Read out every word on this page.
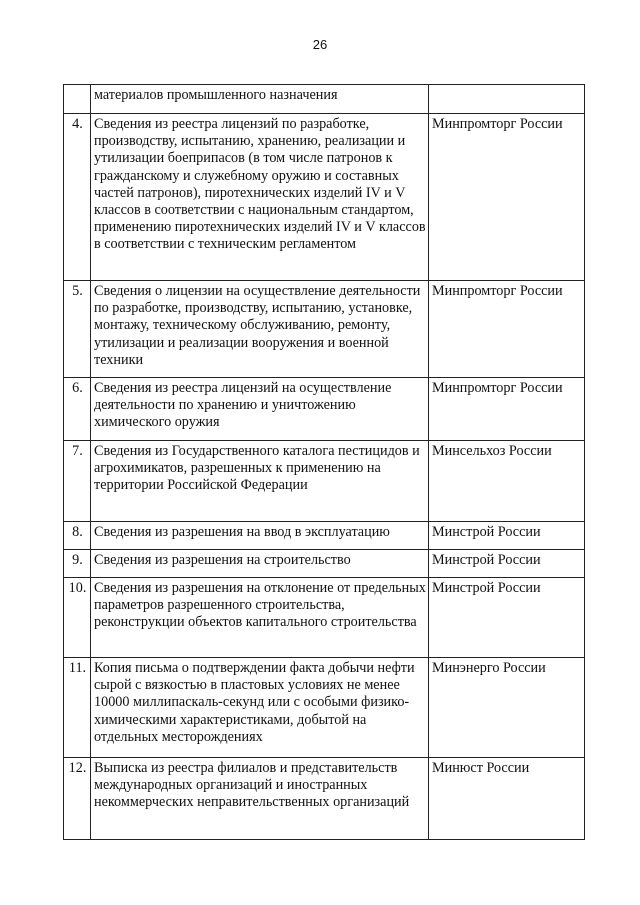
26
	материалов промышленного назначения	
4.	Сведения из реестра лицензий по разработке, производству, испытанию, хранению, реализации и утилизации боеприпасов (в том числе патронов к гражданскому и служебному оружию и составных частей патронов), пиротехнических изделий IV и V классов в соответствии с национальным стандартом, применению пиротехнических изделий IV и V классов в соответствии с техническим регламентом	Минпромторг России
5.	Сведения о лицензии на осуществление деятельности по разработке, производству, испытанию, установке, монтажу, техническому обслуживанию, ремонту, утилизации и реализации вооружения и военной техники	Минпромторг России
6.	Сведения из реестра лицензий на осуществление деятельности по хранению и уничтожению химического оружия	Минпромторг России
7.	Сведения из Государственного каталога пестицидов и агрохимикатов, разрешенных к применению на территории Российской Федерации	Минсельхоз России
8.	Сведения из разрешения на ввод в эксплуатацию	Минстрой России
9.	Сведения из разрешения на строительство	Минстрой России
10.	Сведения из разрешения на отклонение от предельных параметров разрешенного строительства, реконструкции объектов капитального строительства	Минстрой России
11.	Копия письма о подтверждении факта добычи нефти сырой с вязкостью в пластовых условиях не менее 10000 миллипаскаль-секунд или с особыми физико-химическими характеристиками, добытой на отдельных месторождениях	Минэнерго России
12.	Выписка из реестра филиалов и представительств международных организаций и иностранных некоммерческих неправительственных организаций	Минюст России
